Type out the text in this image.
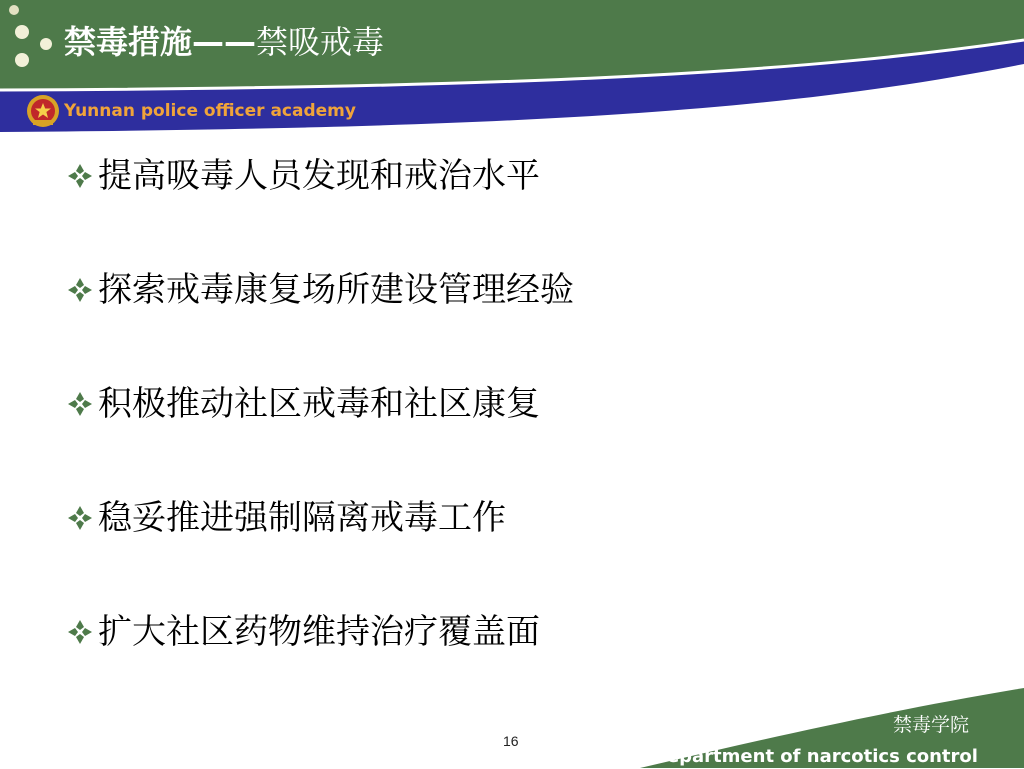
禁毒措施——禁吸戒毒
Yunnan police officer academy
提高吸毒人员发现和戒治水平
探索戒毒康复场所建设管理经验
积极推动社区戒毒和社区康复
稳妥推进强制隔离戒毒工作
扩大社区药物维持治疗覆盖面
16
禁毒学院
Department of narcotics control
